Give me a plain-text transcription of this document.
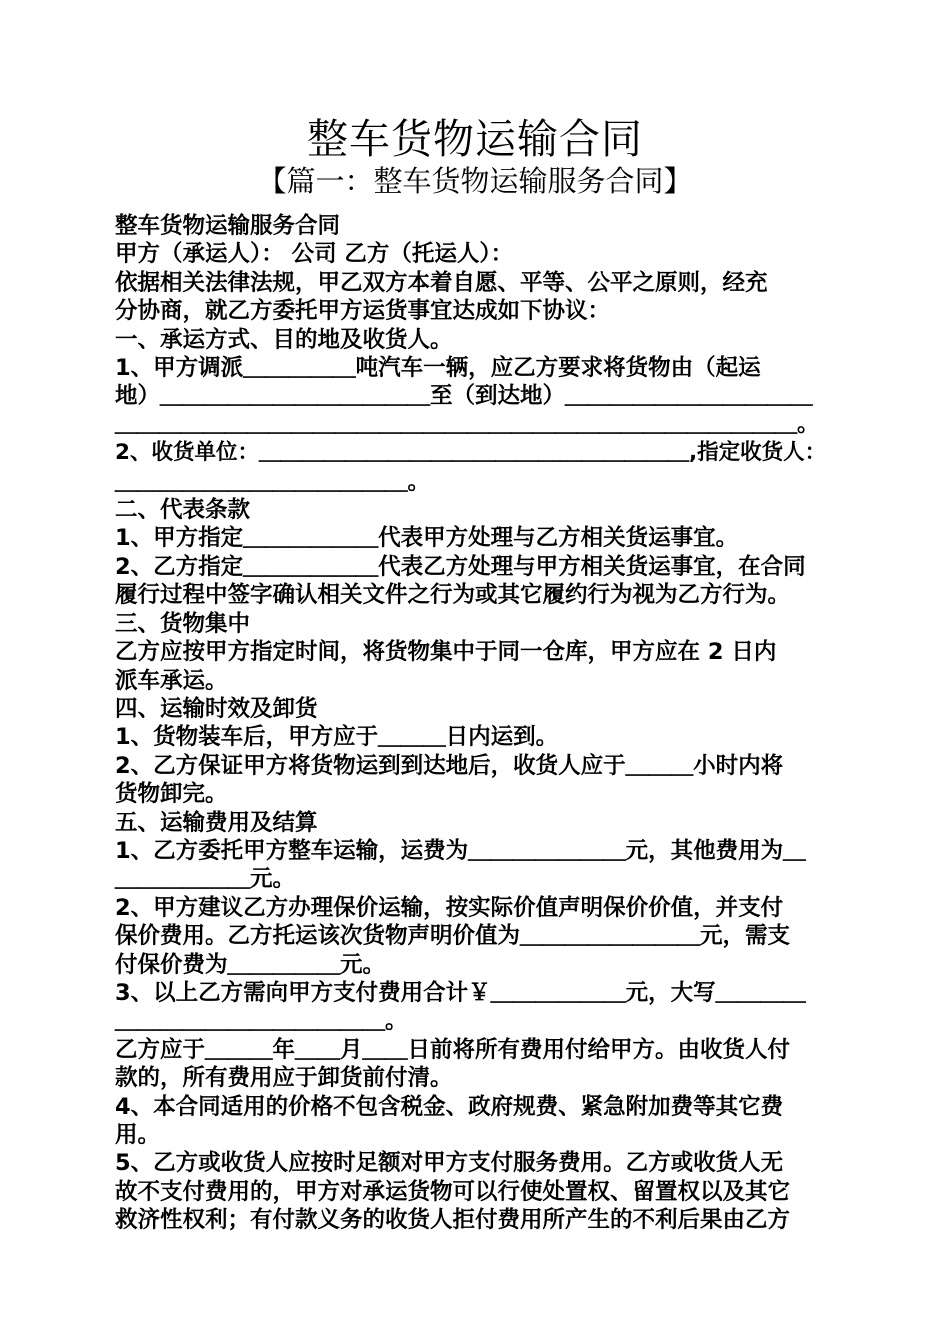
整车货物运输合同
【篇一：整车货物运输服务合同】
整车货物运输服务合同
甲方（承运人）： 公司 乙方（托运人）：
依据相关法律法规，甲乙双方本着自愿、平等、公平之原则，经充
分协商，就乙方委托甲方运货事宜达成如下协议：
一、承运方式、目的地及收货人。
1、甲方调派＿＿＿＿＿吨汽车一辆，应乙方要求将货物由（起运
地）＿＿＿＿＿＿＿＿＿＿＿＿至（到达地）＿＿＿＿＿＿＿＿＿＿＿
＿＿＿＿＿＿＿＿＿＿＿＿＿＿＿＿＿＿＿＿＿＿＿＿＿＿＿＿＿＿＿。
2、收货单位：＿＿＿＿＿＿＿＿＿＿＿＿＿＿＿＿＿＿＿＿,指定收货人：
＿＿＿＿＿＿＿＿＿＿＿＿＿。
二、代表条款
1、甲方指定＿＿＿＿＿＿代表甲方处理与乙方相关货运事宜。
2、乙方指定＿＿＿＿＿＿代表乙方处理与甲方相关货运事宜，在合同
履行过程中签字确认相关文件之行为或其它履约行为视为乙方行为。
三、货物集中
乙方应按甲方指定时间，将货物集中于同一仓库，甲方应在 2 日内
派车承运。
四、运输时效及卸货
1、货物装车后，甲方应于＿＿＿日内运到。
2、乙方保证甲方将货物运到到达地后，收货人应于＿＿＿小时内将
货物卸完。
五、运输费用及结算
1、乙方委托甲方整车运输，运费为＿＿＿＿＿＿＿元，其他费用为＿
＿＿＿＿＿＿元。
2、甲方建议乙方办理保价运输，按实际价值声明保价价值，并支付
保价费用。乙方托运该次货物声明价值为＿＿＿＿＿＿＿＿元，需支
付保价费为＿＿＿＿＿元。
3、以上乙方需向甲方支付费用合计￥＿＿＿＿＿＿元，大写＿＿＿＿
＿＿＿＿＿＿＿＿＿＿＿＿。
乙方应于＿＿＿年＿＿月＿＿日前将所有费用付给甲方。由收货人付
款的，所有费用应于卸货前付清。
4、本合同适用的价格不包含税金、政府规费、紧急附加费等其它费
用。
5、乙方或收货人应按时足额对甲方支付服务费用。乙方或收货人无
故不支付费用的，甲方对承运货物可以行使处置权、留置权以及其它
救济性权利；有付款义务的收货人拒付费用所产生的不利后果由乙方
